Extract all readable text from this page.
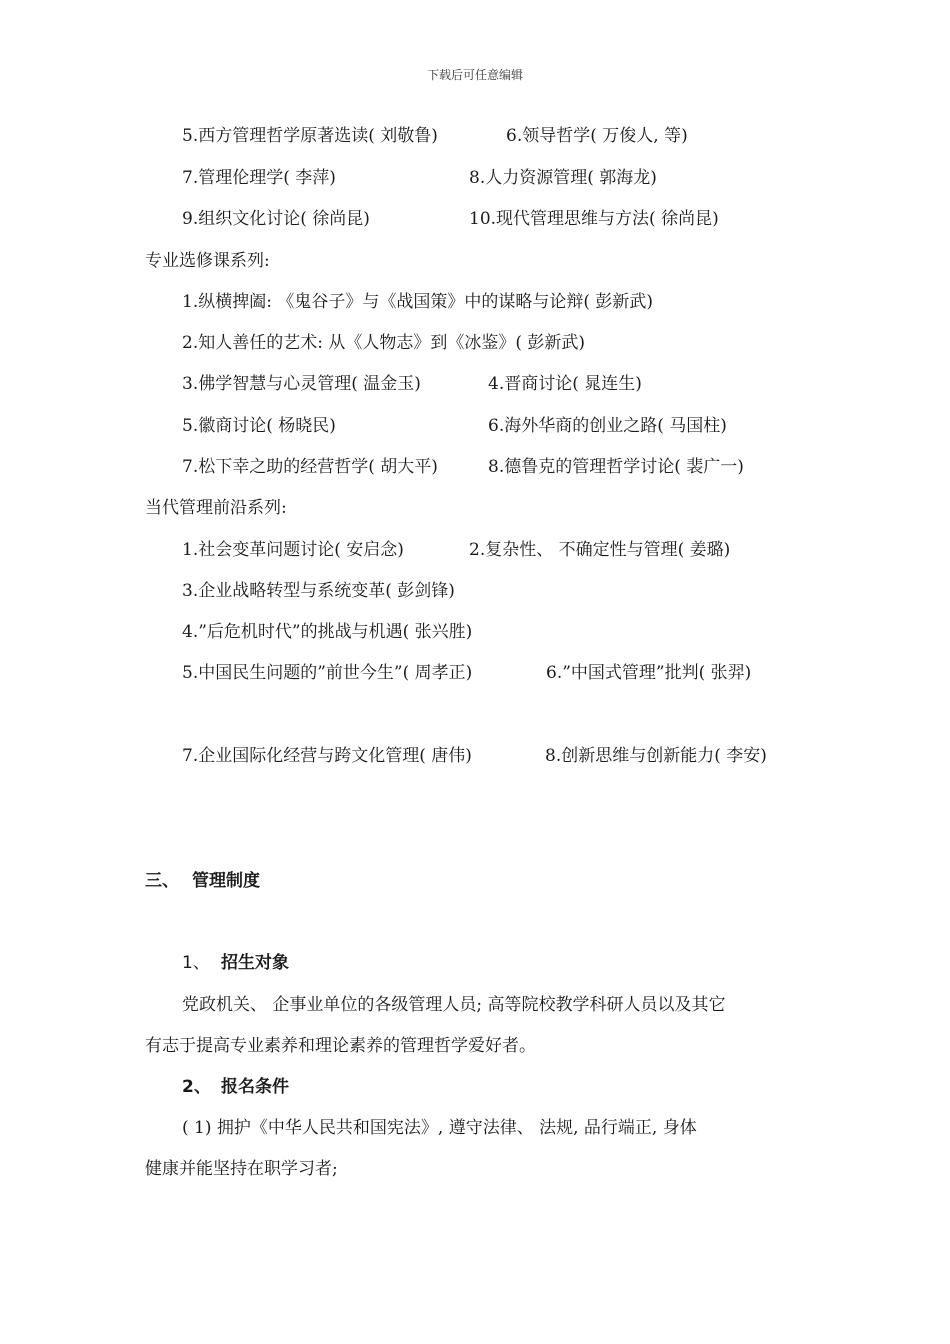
下载后可任意编辑
5.西方管理哲学原著选读( 刘敬鲁)	6.领导哲学( 万俊人, 等)
7.管理伦理学( 李萍)	8.人力资源管理( 郭海龙)
9.组织文化讨论( 徐尚昆)	10.现代管理思维与方法( 徐尚昆)
专业选修课系列:
1.纵横捭阖: 《鬼谷子》与《战国策》中的谋略与论辩( 彭新武)
2.知人善任的艺术: 从《人物志》到《冰鉴》( 彭新武)
3.佛学智慧与心灵管理( 温金玉)	4.晋商讨论( 晁连生)
5.徽商讨论( 杨晓民)	6.海外华商的创业之路( 马国柱)
7.松下幸之助的经营哲学( 胡大平)	8.德鲁克的管理哲学讨论( 裴广一)
当代管理前沿系列:
1.社会变革问题讨论( 安启念)	2.复杂性、 不确定性与管理( 姜璐)
3.企业战略转型与系统变革( 彭剑锋)
4.”后危机时代”的挑战与机遇( 张兴胜)
5.中国民生问题的”前世今生”( 周孝正)	6.”中国式管理”批判( 张羿)
7.企业国际化经营与跨文化管理( 唐伟)	8.创新思维与创新能力( 李安)
三、 管理制度
1、 招生对象
党政机关、 企事业单位的各级管理人员; 高等院校教学科研人员以及其它
有志于提高专业素养和理论素养的管理哲学爱好者。
2、 报名条件
( 1) 拥护《中华人民共和国宪法》, 遵守法律、 法规, 品行端正, 身体
健康并能坚持在职学习者;
